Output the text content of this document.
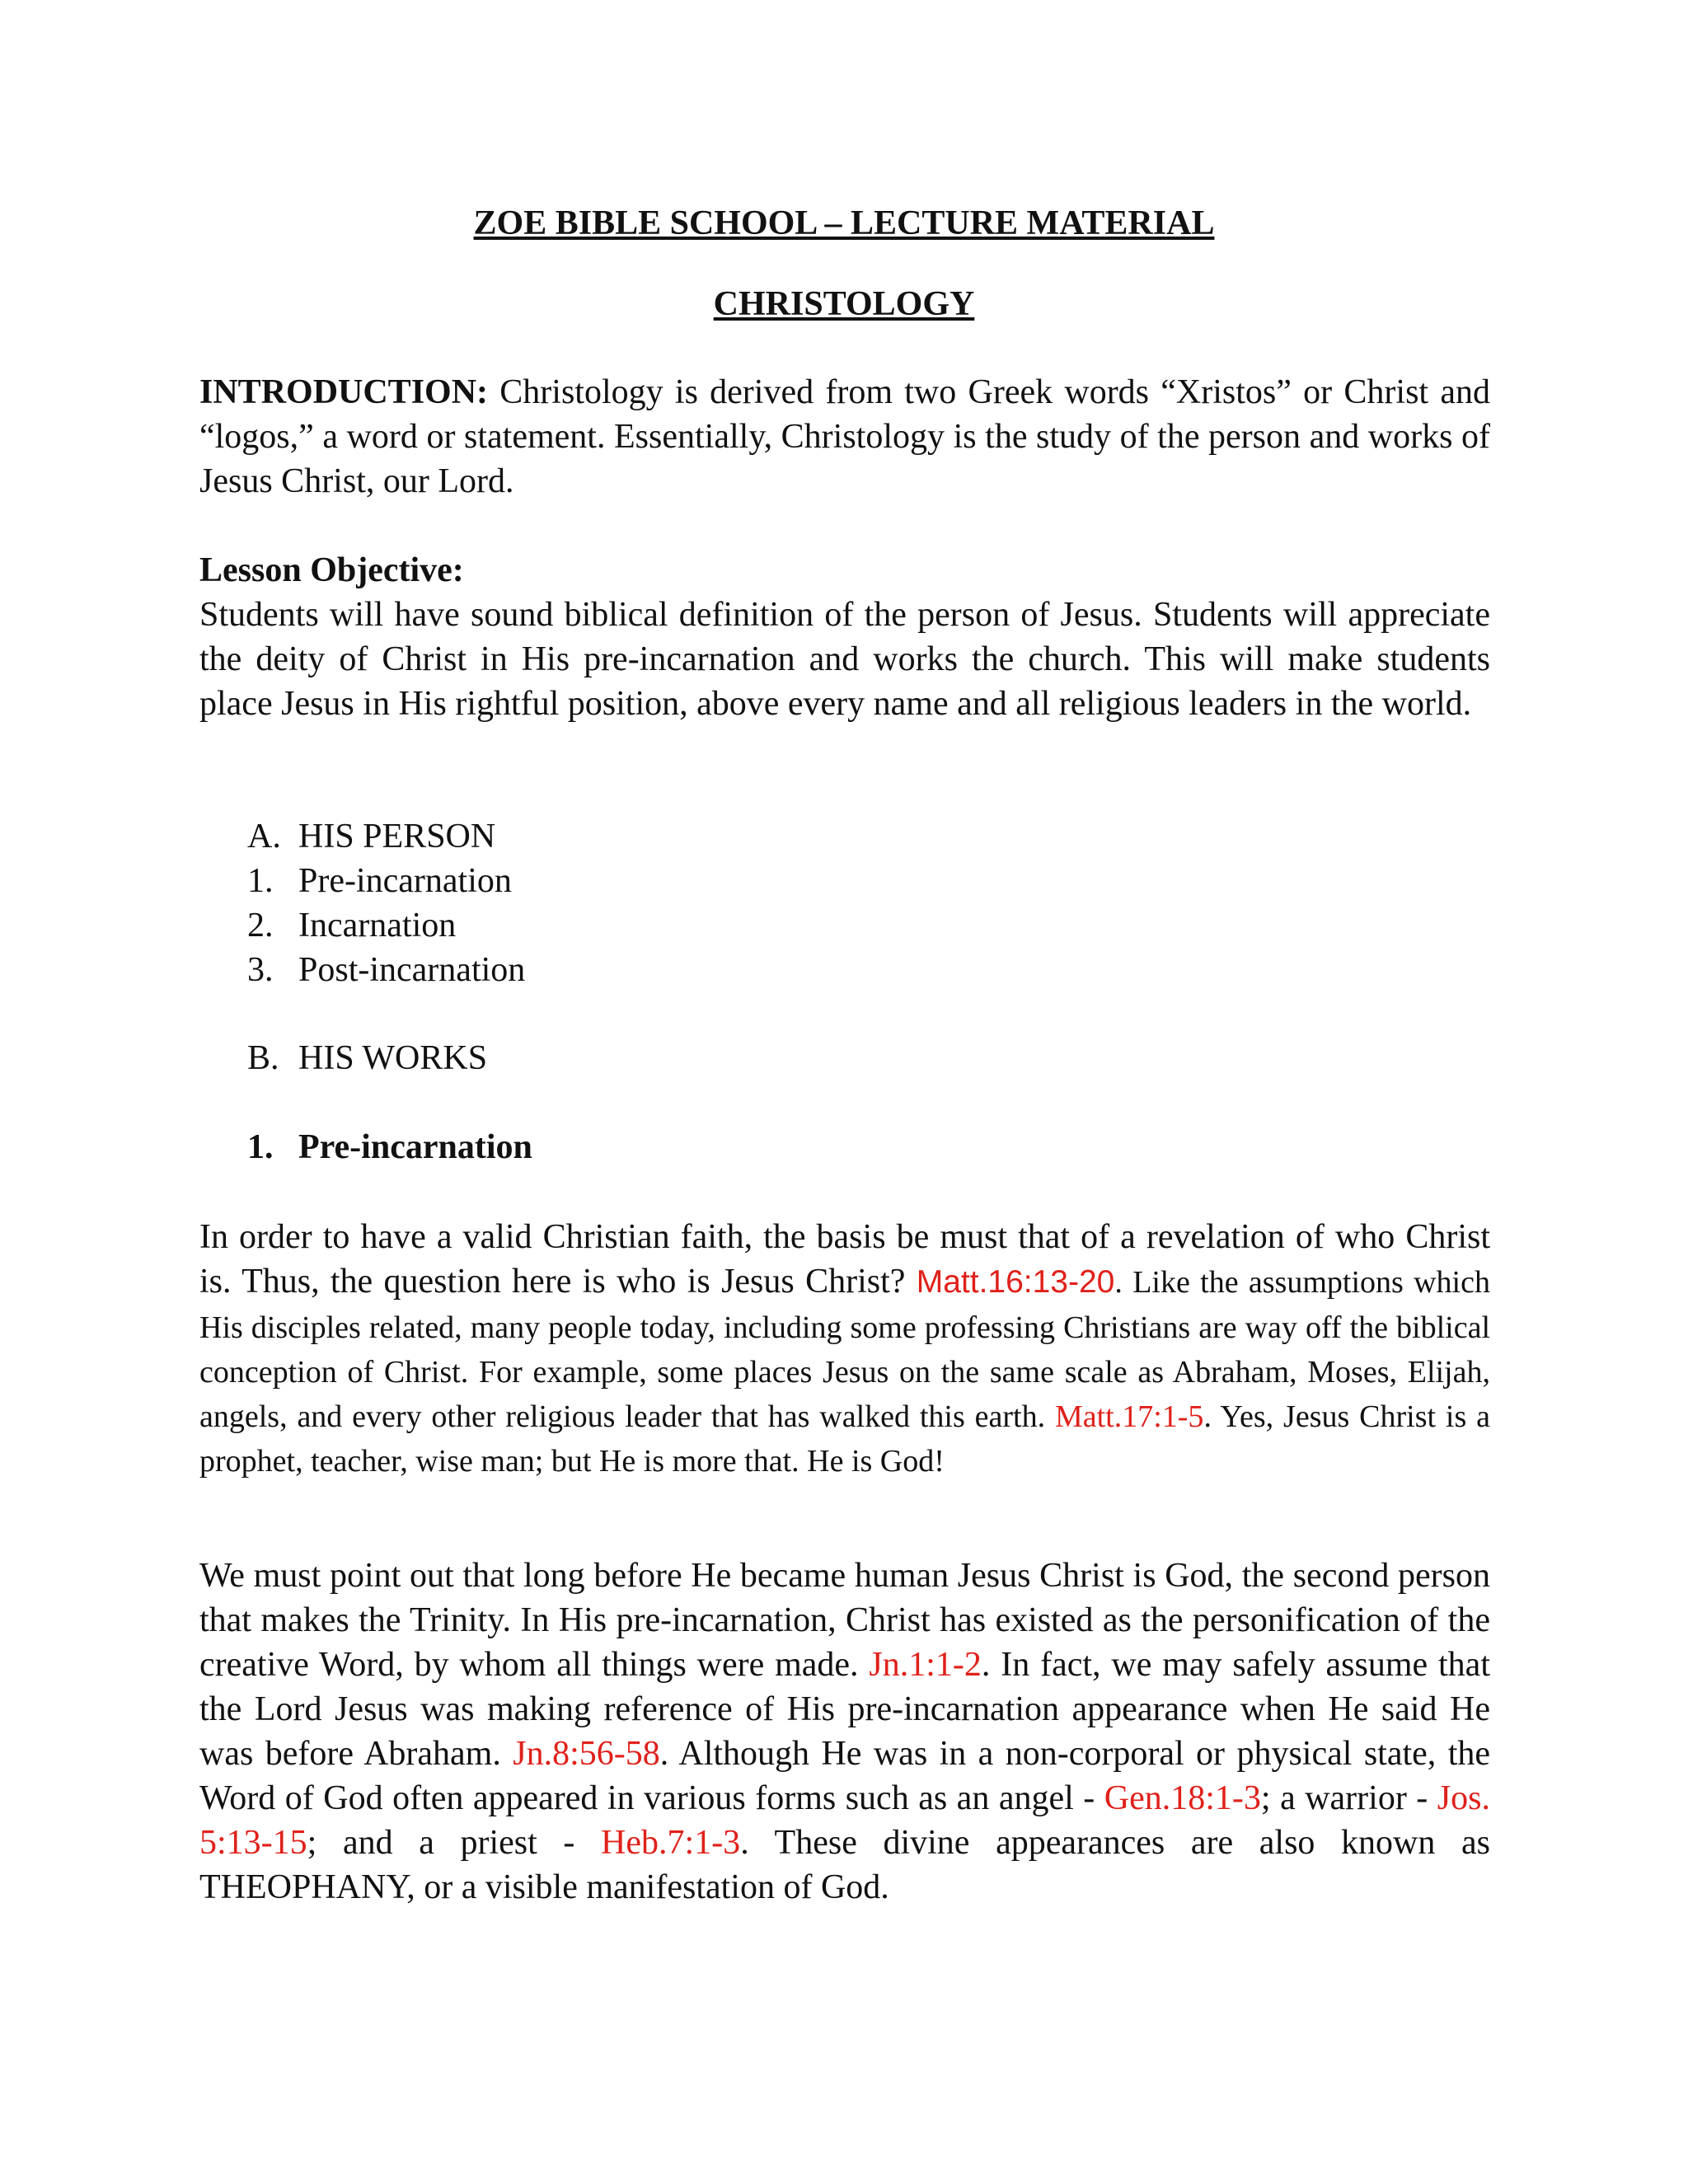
ZOE BIBLE SCHOOL – LECTURE MATERIAL
CHRISTOLOGY

INTRODUCTION: Christology is derived from two Greek words “Xristos” or Christ and “logos,” a word or statement. Essentially, Christology is the study of the person and works of Jesus Christ, our Lord.

Lesson Objective:

Students will have sound biblical definition of the person of Jesus. Students will appreciate the deity of Christ in His pre-incarnation and works the church. This will make students place Jesus in His rightful position, above every name and all religious leaders in the world.

A. HIS PERSON
1. Pre-incarnation
2. Incarnation
3. Post-incarnation
B. HIS WORKS
1. Pre-incarnation

In order to have a valid Christian faith, the basis be must that of a revelation of who Christ is. Thus, the question here is who is Jesus Christ? Matt.16:13-20. Like the assumptions which His disciples related, many people today, including some professing Christians are way off the biblical conception of Christ. For example, some places Jesus on the same scale as Abraham, Moses, Elijah, angels, and every other religious leader that has walked this earth. Matt.17:1-5. Yes, Jesus Christ is a prophet, teacher, wise man; but He is more that. He is God!

We must point out that long before He became human Jesus Christ is God, the second person that makes the Trinity. In His pre-incarnation, Christ has existed as the personification of the creative Word, by whom all things were made. Jn.1:1-2. In fact, we may safely assume that the Lord Jesus was making reference of His pre-incarnation appearance when He said He was before Abraham. Jn.8:56-58. Although He was in a non-corporal or physical state, the Word of God often appeared in various forms such as an angel - Gen.18:1-3; a warrior - Jos. 5:13-15; and a priest - Heb.7:1-3. These divine appearances are also known as THEOPHANY, or a visible manifestation of God.
